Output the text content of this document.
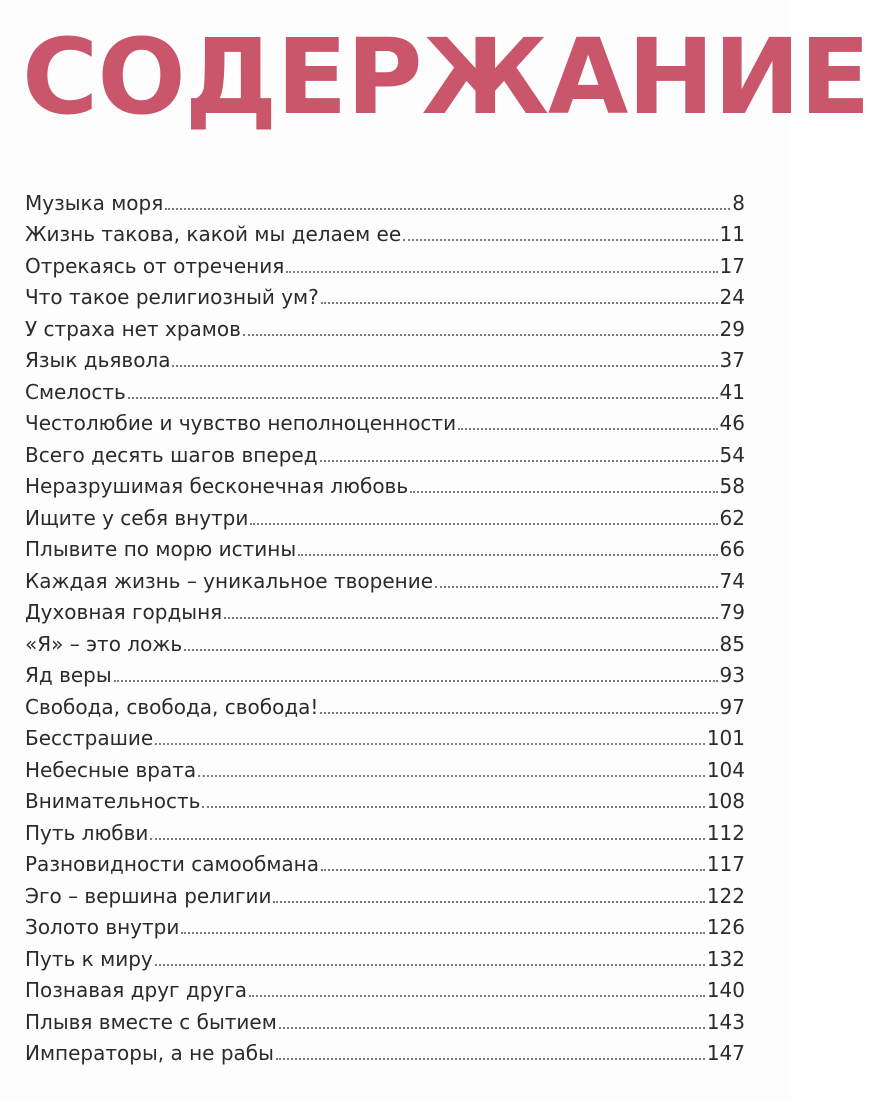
СОДЕРЖАНИЕ
Музыка моря	8
Жизнь такова, какой мы делаем ее	11
Отрекаясь от отречения	17
Что такое религиозный ум?	24
У страха нет храмов	29
Язык дьявола	37
Смелость	41
Честолюбие и чувство неполноценности	46
Всего десять шагов вперед	54
Неразрушимая бесконечная любовь	58
Ищите у себя внутри	62
Плывите по морю истины	66
Каждая жизнь – уникальное творение	74
Духовная гордыня	79
«Я» – это ложь	85
Яд веры	93
Свобода, свобода, свобода!	97
Бесстрашие	101
Небесные врата	104
Внимательность	108
Путь любви	112
Разновидности самообмана	117
Эго – вершина религии	122
Золото внутри	126
Путь к миру	132
Познавая друг друга	140
Плывя вместе с бытием	143
Императоры, а не рабы	147
